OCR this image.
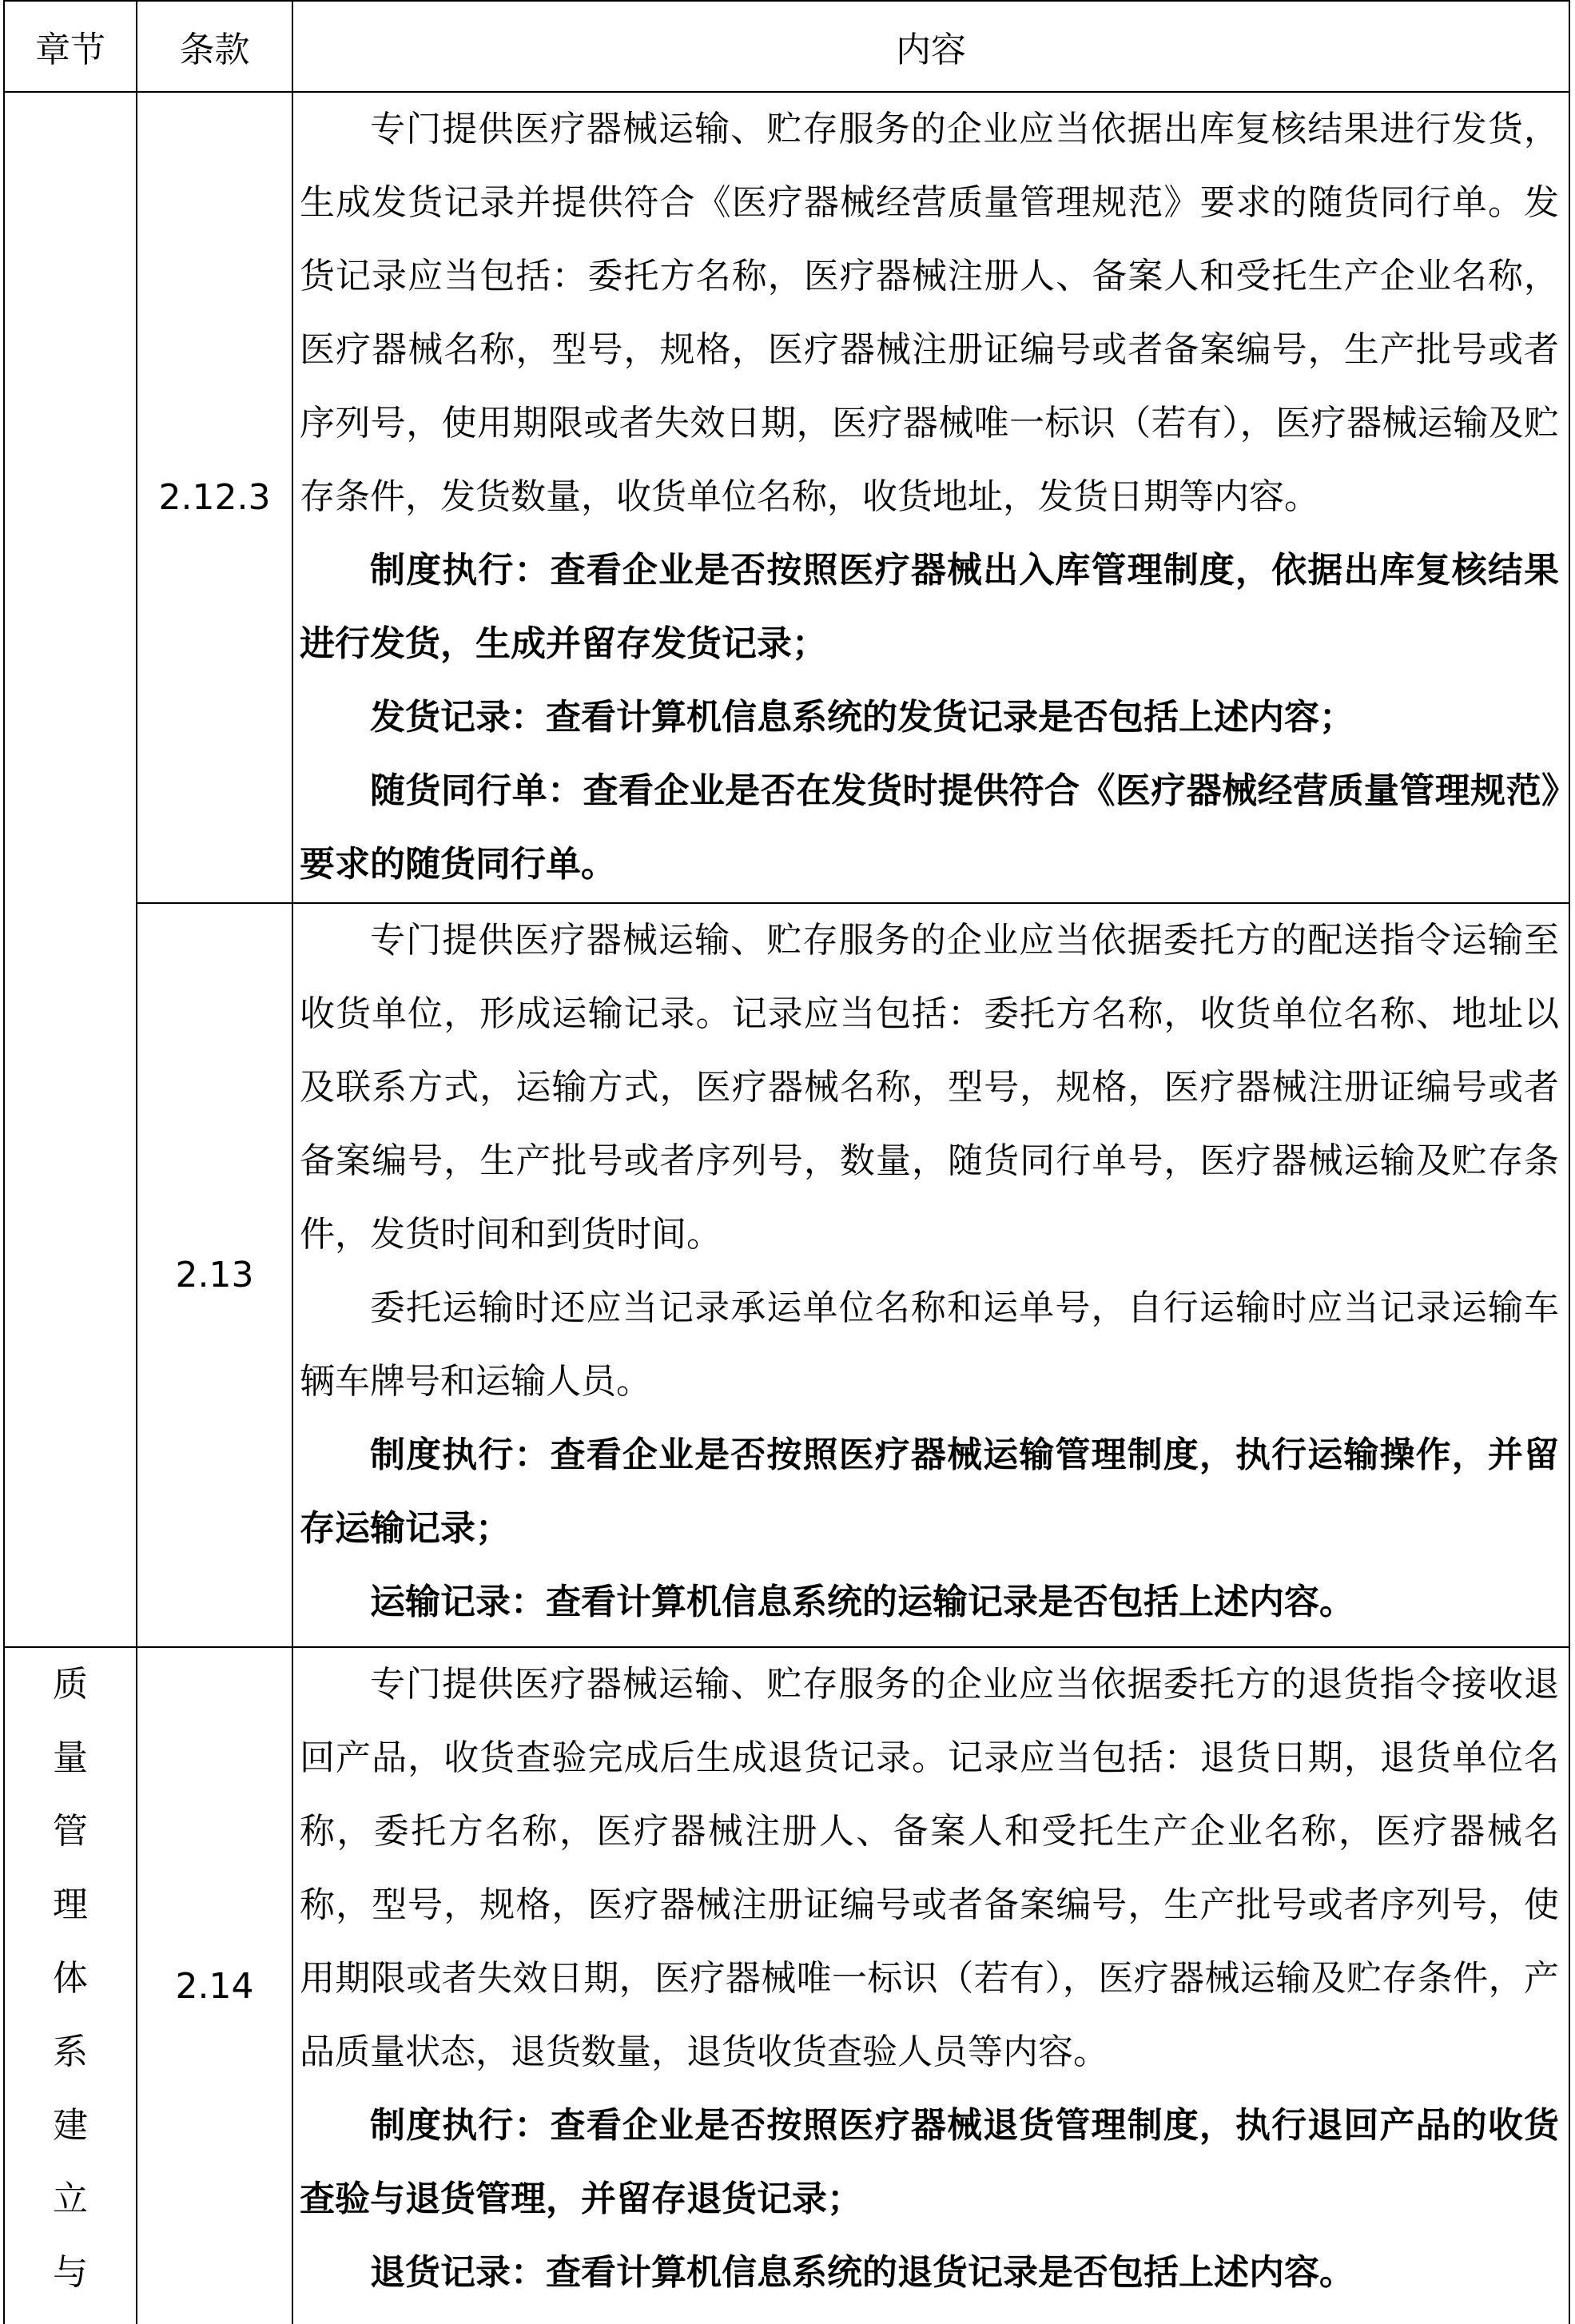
章节	条款	内容
2.12.3

专门提供医疗器械运输、贮存服务的企业应当依据出库复核结果进行发货，生成发货记录并提供符合《医疗器械经营质量管理规范》要求的随货同行单。发货记录应当包括：委托方名称，医疗器械注册人、备案人和受托生产企业名称，医疗器械名称，型号，规格，医疗器械注册证编号或者备案编号，生产批号或者序列号，使用期限或者失效日期，医疗器械唯一标识（若有），医疗器械运输及贮存条件，发货数量，收货单位名称，收货地址，发货日期等内容。

制度执行：查看企业是否按照医疗器械出入库管理制度，依据出库复核结果进行发货，生成并留存发货记录；

发货记录：查看计算机信息系统的发货记录是否包括上述内容；

随货同行单：查看企业是否在发货时提供符合《医疗器械经营质量管理规范》要求的随货同行单。

2.13

专门提供医疗器械运输、贮存服务的企业应当依据委托方的配送指令运输至收货单位，形成运输记录。记录应当包括：委托方名称，收货单位名称、地址以及联系方式，运输方式，医疗器械名称，型号，规格，医疗器械注册证编号或者备案编号，生产批号或者序列号，数量，随货同行单号，医疗器械运输及贮存条件，发货时间和到货时间。

委托运输时还应当记录承运单位名称和运单号，自行运输时应当记录运输车辆车牌号和运输人员。

制度执行：查看企业是否按照医疗器械运输管理制度，执行运输操作，并留存运输记录；

运输记录：查看计算机信息系统的运输记录是否包括上述内容。

质
量
管
理
体
系
建
立
与
2.14

专门提供医疗器械运输、贮存服务的企业应当依据委托方的退货指令接收退回产品，收货查验完成后生成退货记录。记录应当包括：退货日期，退货单位名称，委托方名称，医疗器械注册人、备案人和受托生产企业名称，医疗器械名称，型号，规格，医疗器械注册证编号或者备案编号，生产批号或者序列号，使用期限或者失效日期，医疗器械唯一标识（若有），医疗器械运输及贮存条件，产品质量状态，退货数量，退货收货查验人员等内容。

制度执行：查看企业是否按照医疗器械退货管理制度，执行退回产品的收货查验与退货管理，并留存退货记录；

退货记录：查看计算机信息系统的退货记录是否包括上述内容。
